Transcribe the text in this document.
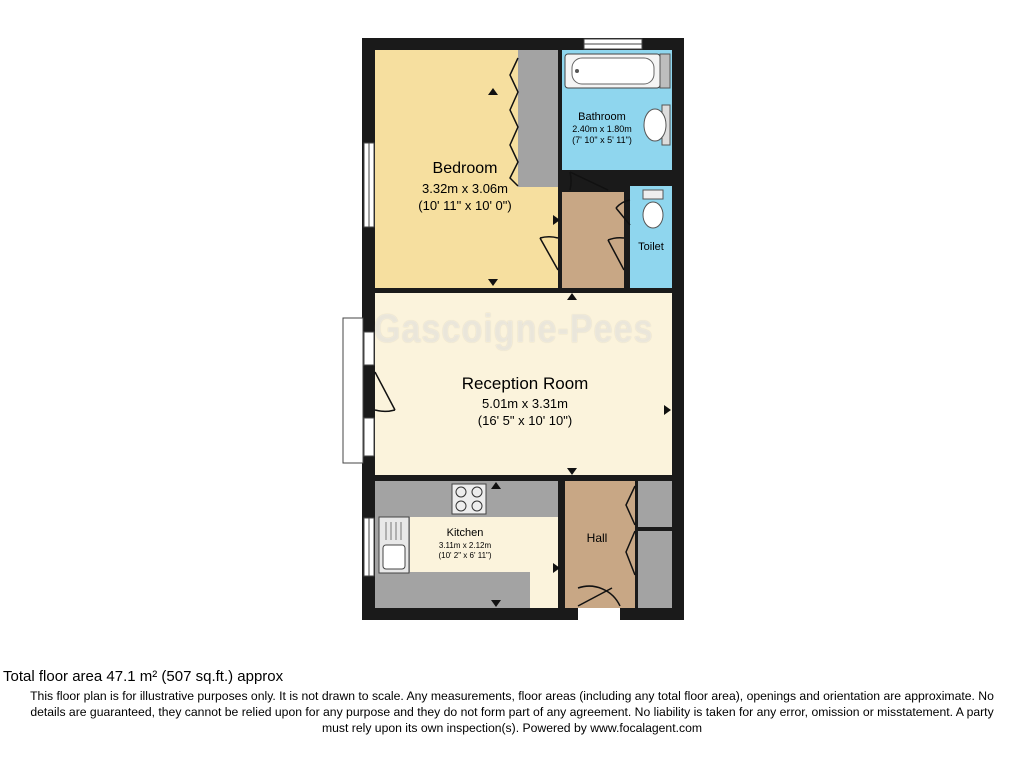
Gascoigne-Pees
Bedroom
3.32m x 3.06m
(10' 11" x 10' 0")
Bathroom
2.40m x 1.80m
(7' 10" x 5' 11")
Toilet
Reception Room
5.01m x 3.31m
(16' 5" x 10' 10")
Kitchen
3.11m x 2.12m
(10' 2" x 6' 11")
Hall
Total floor area 47.1 m² (507 sq.ft.) approx
This floor plan is for illustrative purposes only. It is not drawn to scale. Any measurements, floor areas (including any total floor area), openings and orientation are approximate. No
details are guaranteed, they cannot be relied upon for any purpose and they do not form part of any agreement. No liability is taken for any error, omission or misstatement. A party
must rely upon its own inspection(s). Powered by www.focalagent.com
